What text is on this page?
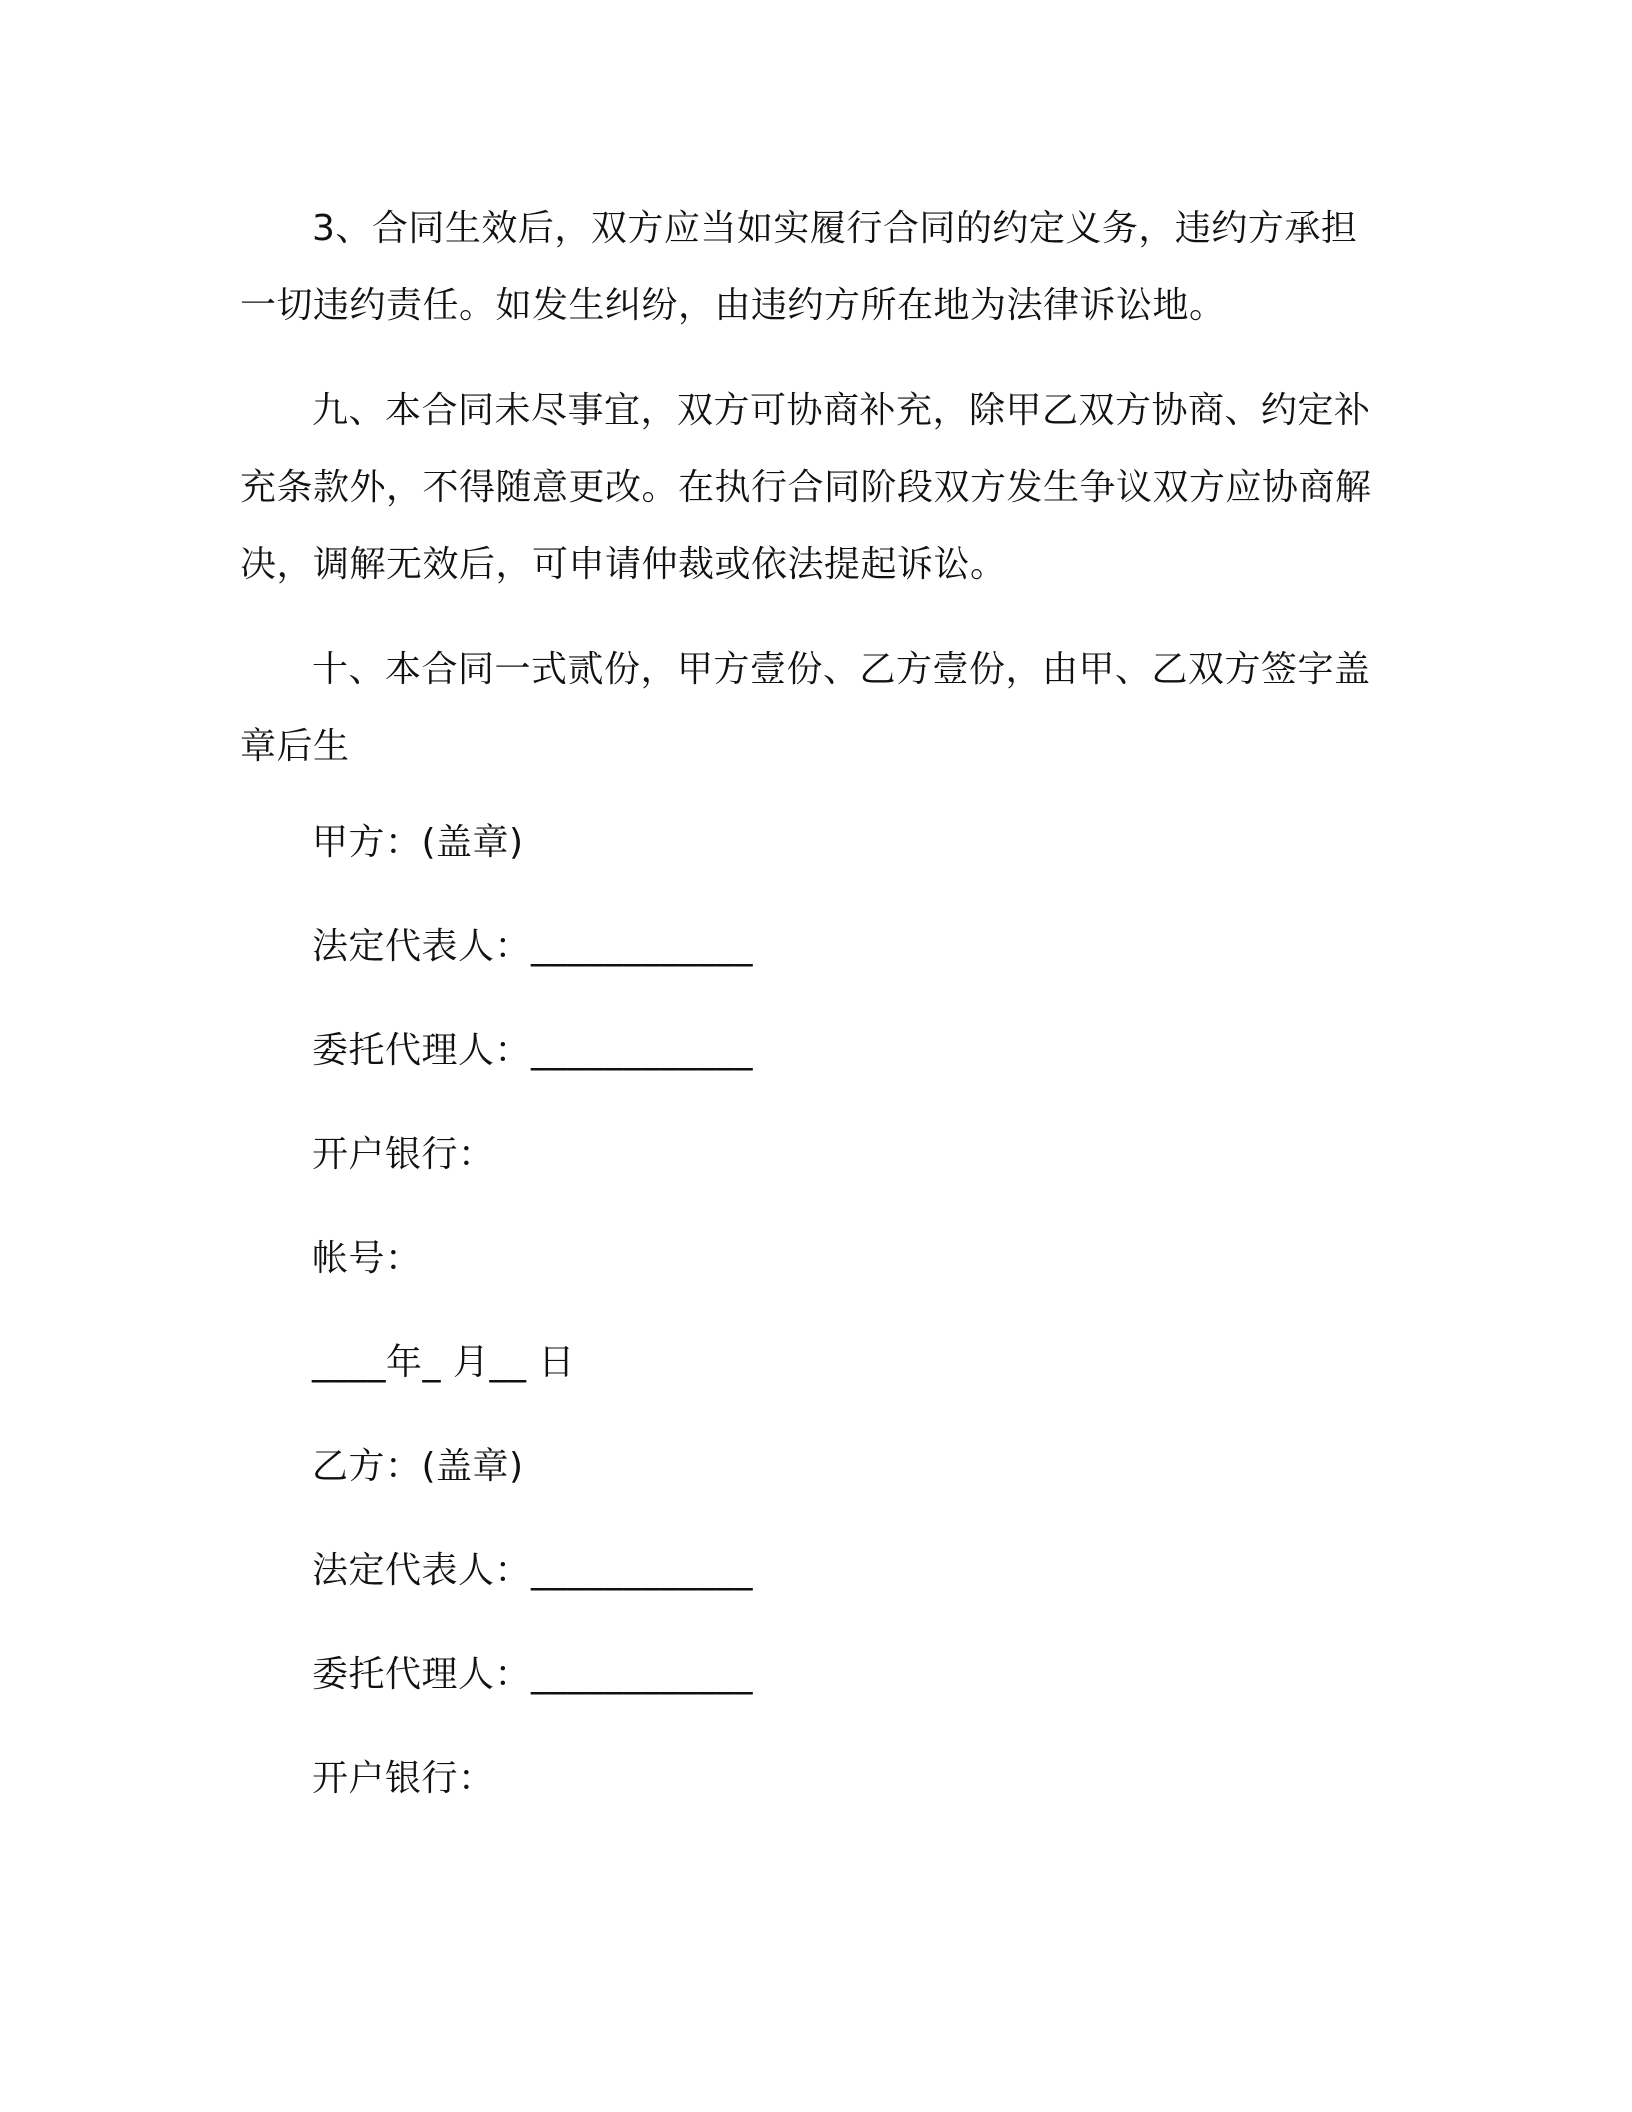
3、合同生效后，双方应当如实履行合同的约定义务，违约方承担一切违约责任。如发生纠纷，由违约方所在地为法律诉讼地。

九、本合同未尽事宜，双方可协商补充，除甲乙双方协商、约定补充条款外，不得随意更改。在执行合同阶段双方发生争议双方应协商解决，调解无效后，可申请仲裁或依法提起诉讼。

十、本合同一式贰份，甲方壹份、乙方壹份，由甲、乙双方签字盖章后生

甲方：(盖章)

法定代表人：____________

委托代理人：____________

开户银行：

帐号：

____年_ 月__ 日

乙方：(盖章)

法定代表人：____________

委托代理人：____________

开户银行：
